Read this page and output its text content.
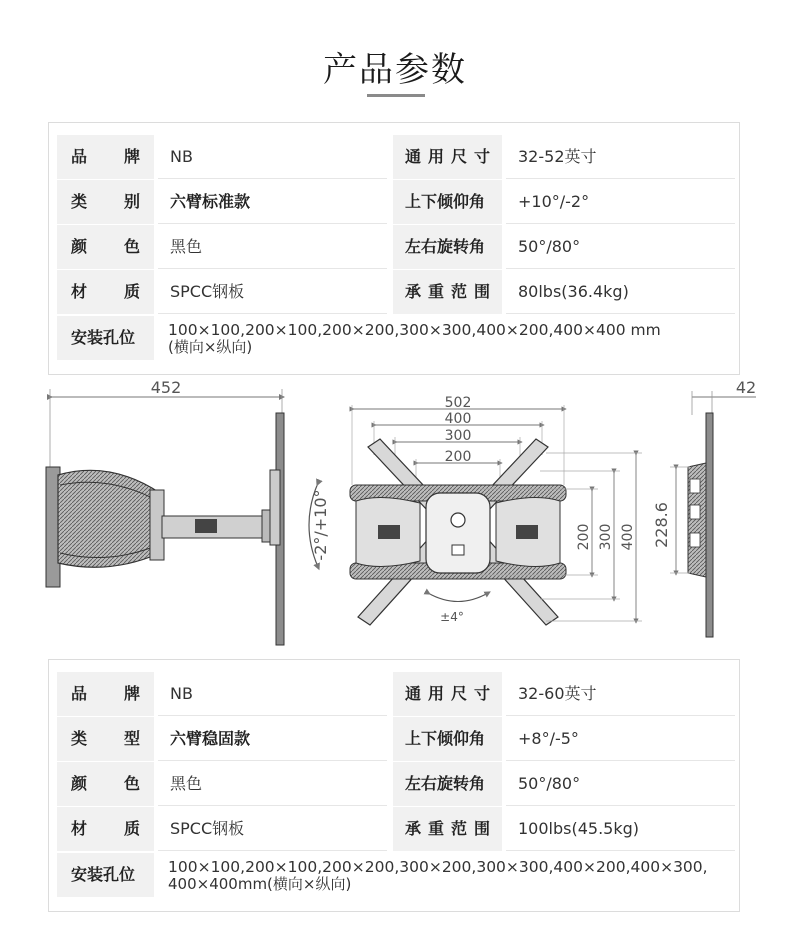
产品参数
品 牌	NB	通 用 尺 寸	32-52英寸
类 别	六臂标准款	上下倾仰角	+10°/-2°
颜 色	黑色	左右旋转角	50°/80°
材 质	SPCC钢板	承 重 范 围	80lbs(36.4kg)
安装孔位	100×100,200×100,200×200,300×300,400×200,400×400 mm
(横向×纵向)
452
-2°/+10°
502
400
300
200
200 300 400
±4°
42
228.6
品 牌	NB	通 用 尺 寸	32-60英寸
类 型	六臂稳固款	上下倾仰角	+8°/-5°
颜 色	黑色	左右旋转角	50°/80°
材 质	SPCC钢板	承 重 范 围	100lbs(45.5kg)
安装孔位	100×100,200×100,200×200,300×200,300×300,400×200,400×300,
400×400mm(横向×纵向)
